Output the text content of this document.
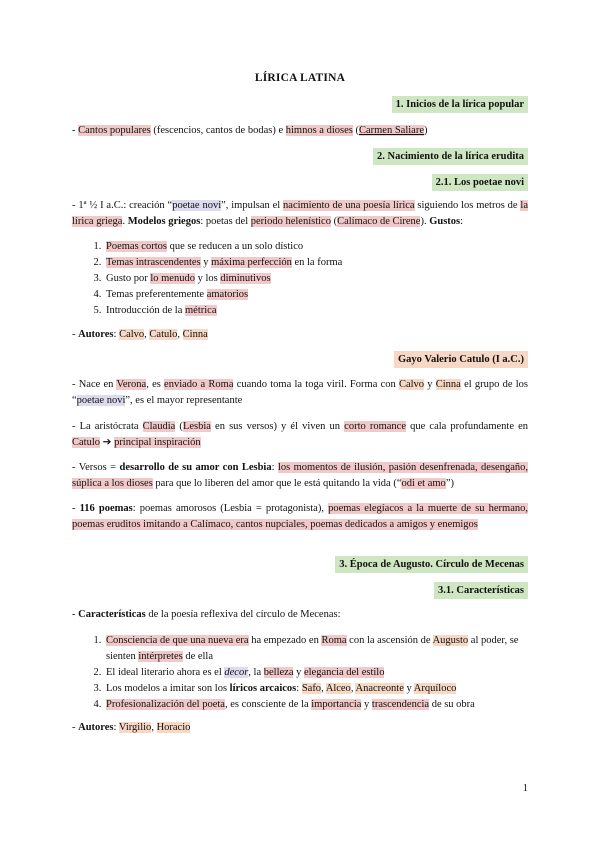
LÍRICA LATINA
1. Inicios de la lírica popular
- Cantos populares (fescencios, cantos de bodas) e himnos a dioses (Carmen Saliare)
2. Nacimiento de la lírica erudita
2.1. Los poetae novi
- 1ª ½ I a.C.: creación “poetae novi”, impulsan el nacimiento de una poesía lírica siguiendo los metros de la lírica griega. Modelos griegos: poetas del periodo helenístico (Calímaco de Cirene). Gustos:
1. Poemas cortos que se reducen a un solo dístico
2. Temas intrascendentes y máxima perfección en la forma
3. Gusto por lo menudo y los diminutivos
4. Temas preferentemente amatorios
5. Introducción de la métrica
- Autores: Calvo, Catulo, Cinna
Gayo Valerio Catulo (I a.C.)
- Nace en Verona, es enviado a Roma cuando toma la toga viril. Forma con Calvo y Cinna el grupo de los “poetae novi”, es el mayor representante
- La aristócrata Claudia (Lesbia en sus versos) y él viven un corto romance que cala profundamente en Catulo ➔ principal inspiración
- Versos = desarrollo de su amor con Lesbia: los momentos de ilusión, pasión desenfrenada, desengaño, súplica a los dioses para que lo liberen del amor que le está quitando la vida (“odi et amo”)
- 116 poemas: poemas amorosos (Lesbia = protagonista), poemas elegíacos a la muerte de su hermano, poemas eruditos imitando a Calímaco, cantos nupciales, poemas dedicados a amigos y enemigos
3. Época de Augusto. Círculo de Mecenas
3.1. Características
- Características de la poesía reflexiva del círculo de Mecenas:
1. Consciencia de que una nueva era ha empezado en Roma con la ascensión de Augusto al poder, se sienten intérpretes de ella
2. El ideal literario ahora es el decor, la belleza y elegancia del estilo
3. Los modelos a imitar son los líricos arcaicos: Safo, Alceo, Anacreonte y Arquíloco
4. Profesionalización del poeta, es consciente de la importancia y trascendencia de su obra
- Autores: Virgilio, Horacio
1
